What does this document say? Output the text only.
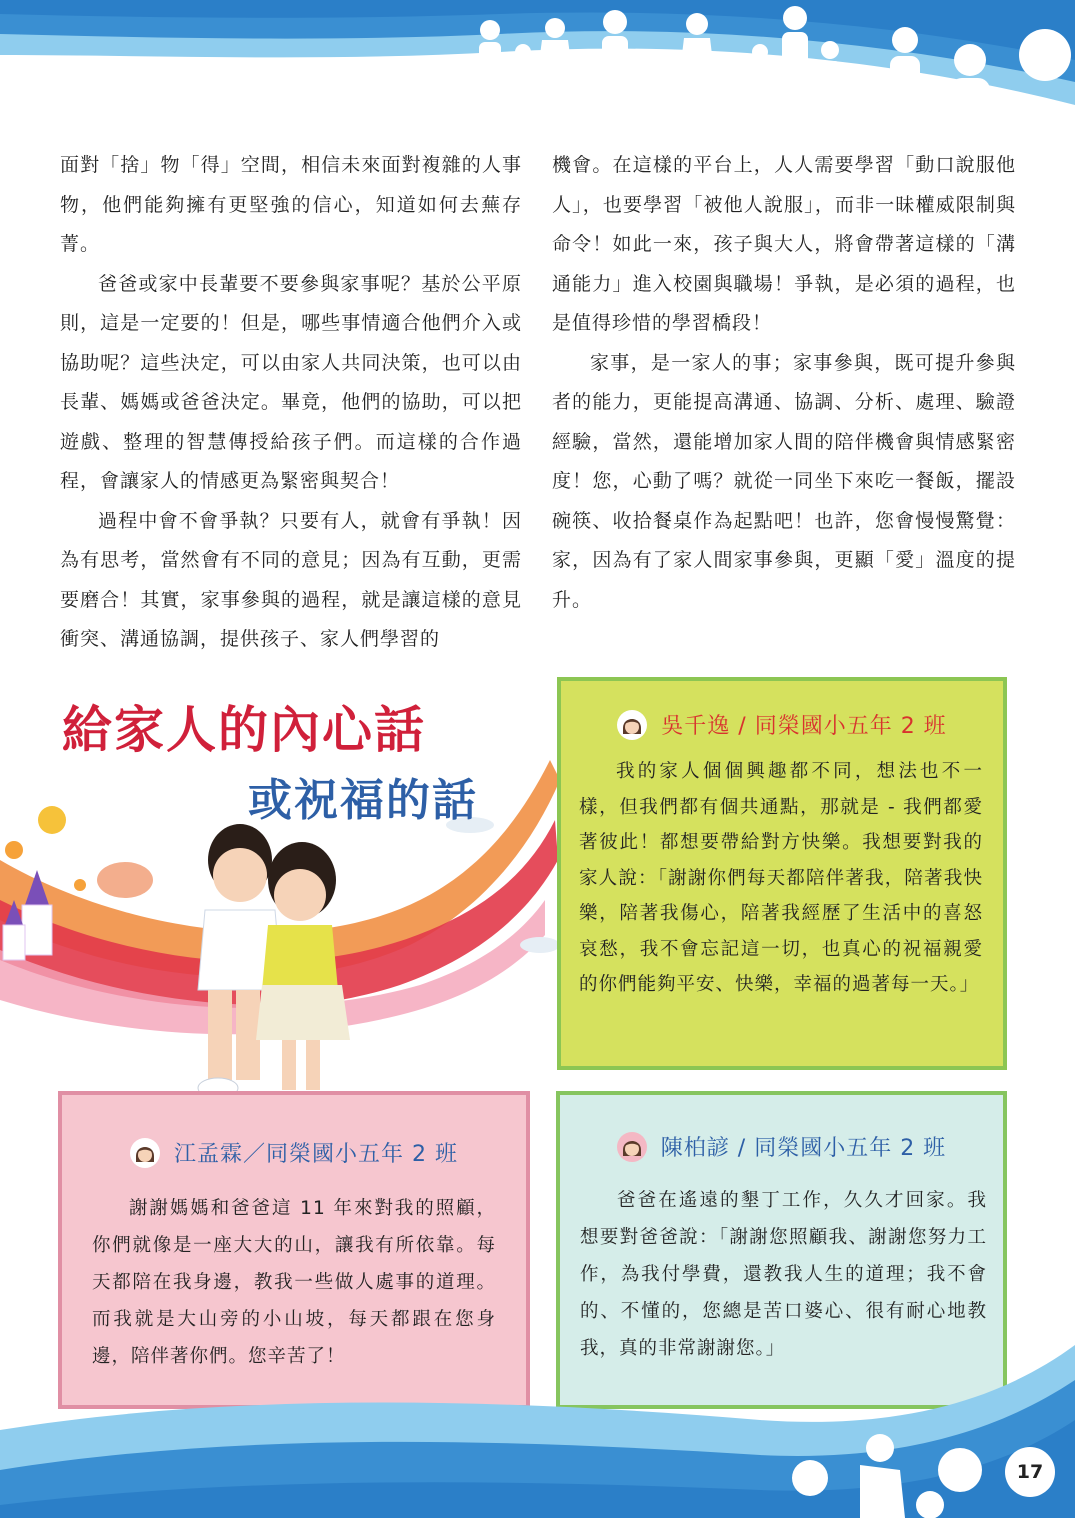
面對「捨」物「得」空間，相信未來面對複雜的人事物，他們能夠擁有更堅強的信心，知道如何去蕪存菁。

爸爸或家中長輩要不要參與家事呢？基於公平原則，這是一定要的！但是，哪些事情適合他們介入或協助呢？這些決定，可以由家人共同決策，也可以由長輩、媽媽或爸爸決定。畢竟，他們的協助，可以把遊戲、整理的智慧傳授給孩子們。而這樣的合作過程，會讓家人的情感更為緊密與契合！

過程中會不會爭執？只要有人，就會有爭執！因為有思考，當然會有不同的意見；因為有互動，更需要磨合！其實，家事參與的過程，就是讓這樣的意見衝突、溝通協調，提供孩子、家人們學習的

機會。在這樣的平台上，人人需要學習「動口說服他人」，也要學習「被他人說服」，而非一昧權威限制與命令！如此一來，孩子與大人，將會帶著這樣的「溝通能力」進入校園與職場！爭執，是必須的過程，也是值得珍惜的學習橋段！

家事，是一家人的事；家事參與，既可提升參與者的能力，更能提高溝通、協調、分析、處理、驗證經驗，當然，還能增加家人間的陪伴機會與情感緊密度！您，心動了嗎？就從一同坐下來吃一餐飯，擺設碗筷、收拾餐桌作為起點吧！也許，您會慢慢驚覺：家，因為有了家人間家事參與，更顯「愛」溫度的提升。

給家人的內心話
或祝福的話
吳千逸 / 同榮國小五年 2 班

我的家人個個興趣都不同，想法也不一樣，但我們都有個共通點，那就是 - 我們都愛著彼此！都想要帶給對方快樂。我想要對我的家人說：「謝謝你們每天都陪伴著我，陪著我快樂，陪著我傷心，陪著我經歷了生活中的喜怒哀愁，我不會忘記這一切，也真心的祝福親愛的你們能夠平安、快樂，幸福的過著每一天。」

江孟霖／同榮國小五年 2 班

謝謝媽媽和爸爸這 11 年來對我的照顧，你們就像是一座大大的山，讓我有所依靠。每天都陪在我身邊，教我一些做人處事的道理。而我就是大山旁的小山坡，每天都跟在您身邊，陪伴著你們。您辛苦了！

陳柏諺 / 同榮國小五年 2 班

爸爸在遙遠的墾丁工作，久久才回家。我想要對爸爸說：「謝謝您照顧我、謝謝您努力工作，為我付學費，還教我人生的道理；我不會的、不懂的，您總是苦口婆心、很有耐心地教我，真的非常謝謝您。」

17
